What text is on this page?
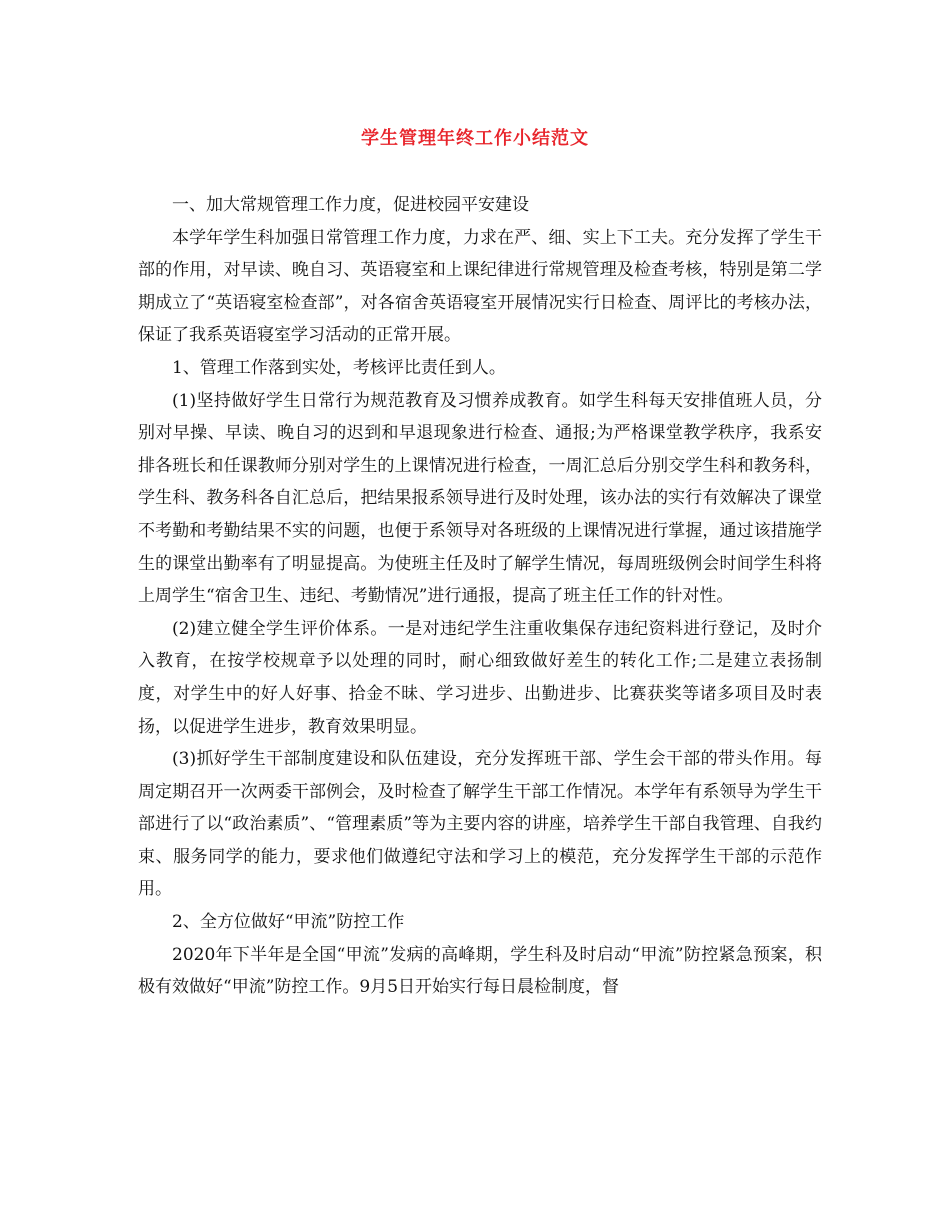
学生管理年终工作小结范文

一、加大常规管理工作力度，促进校园平安建设

本学年学生科加强日常管理工作力度，力求在严、细、实上下工夫。充分发挥了学生干部的作用，对早读、晚自习、英语寝室和上课纪律进行常规管理及检查考核，特别是第二学期成立了“英语寝室检查部”，对各宿舍英语寝室开展情况实行日检查、周评比的考核办法，保证了我系英语寝室学习活动的正常开展。

1、管理工作落到实处，考核评比责任到人。

(1)坚持做好学生日常行为规范教育及习惯养成教育。如学生科每天安排值班人员，分别对早操、早读、晚自习的迟到和早退现象进行检查、通报;为严格课堂教学秩序，我系安排各班长和任课教师分别对学生的上课情况进行检查，一周汇总后分别交学生科和教务科，学生科、教务科各自汇总后，把结果报系领导进行及时处理，该办法的实行有效解决了课堂不考勤和考勤结果不实的问题，也便于系领导对各班级的上课情况进行掌握，通过该措施学生的课堂出勤率有了明显提高。为使班主任及时了解学生情况，每周班级例会时间学生科将上周学生“宿舍卫生、违纪、考勤情况”进行通报，提高了班主任工作的针对性。

(2)建立健全学生评价体系。一是对违纪学生注重收集保存违纪资料进行登记，及时介入教育，在按学校规章予以处理的同时，耐心细致做好差生的转化工作;二是建立表扬制度，对学生中的好人好事、拾金不昧、学习进步、出勤进步、比赛获奖等诸多项目及时表扬，以促进学生进步，教育效果明显。

(3)抓好学生干部制度建设和队伍建设，充分发挥班干部、学生会干部的带头作用。每周定期召开一次两委干部例会，及时检查了解学生干部工作情况。本学年有系领导为学生干部进行了以“政治素质”、“管理素质”等为主要内容的讲座，培养学生干部自我管理、自我约束、服务同学的能力，要求他们做遵纪守法和学习上的模范，充分发挥学生干部的示范作用。

2、全方位做好“甲流”防控工作

2020年下半年是全国“甲流”发病的高峰期，学生科及时启动“甲流”防控紧急预案，积极有效做好“甲流”防控工作。9月5日开始实行每日晨检制度，督
